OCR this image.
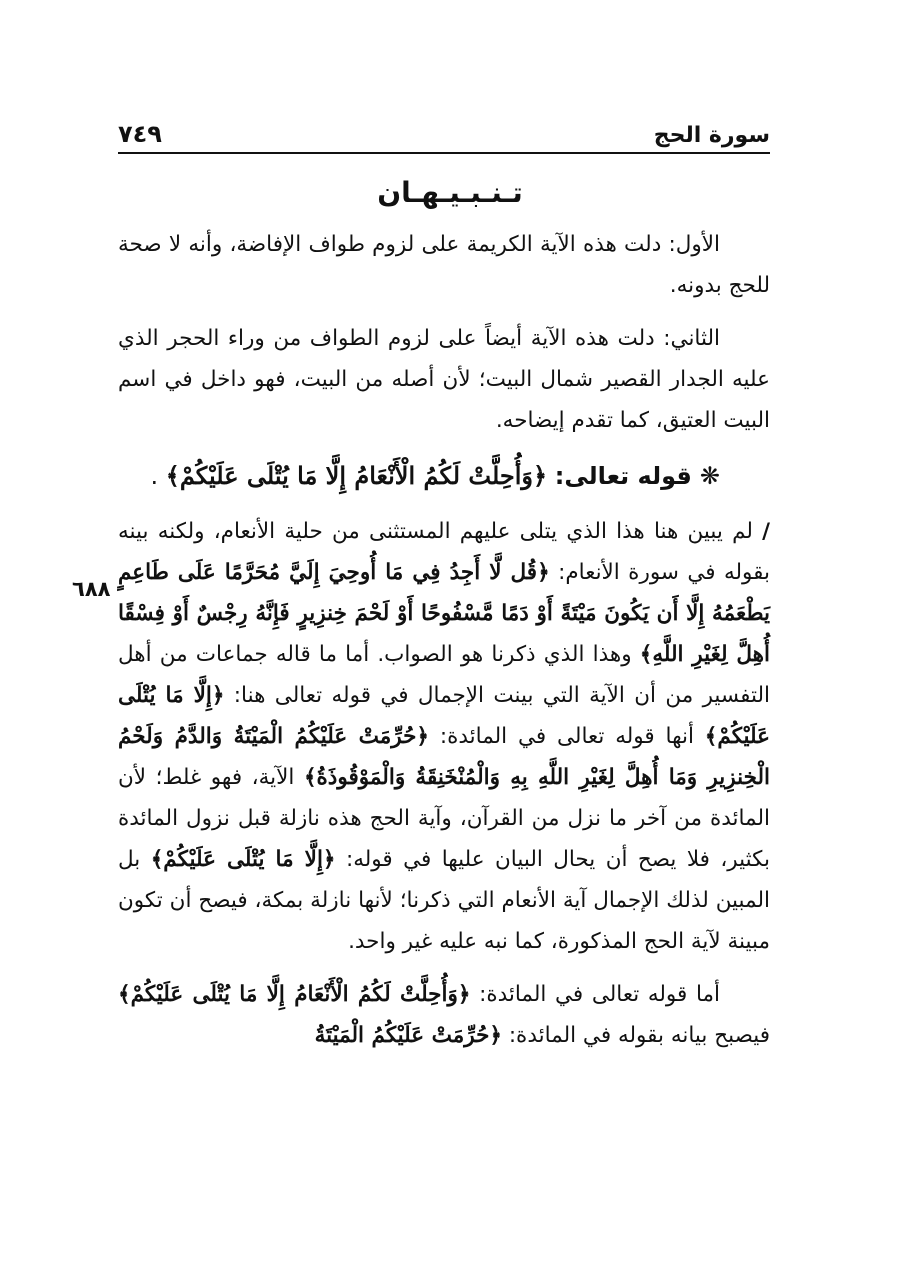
سورة الحج
٧٤٩
تـنـبـيـهـان
٦٨٨

الأول: دلت هذه الآية الكريمة على لزوم طواف الإفاضة، وأنه لا صحة للحج بدونه.

الثاني: دلت هذه الآية أيضاً على لزوم الطواف من وراء الحجر الذي عليه الجدار القصير شمال البيت؛ لأن أصله من البيت، فهو داخل في اسم البيت العتيق، كما تقدم إيضاحه.

❋قوله تعالى: ﴿وَأُحِلَّتْ لَكُمُ الْأَنْعَامُ إِلَّا مَا يُتْلَى عَلَيْكُمْ﴾ .

/ لم يبين هنا هذا الذي يتلى عليهم المستثنى من حلية الأنعام، ولكنه بينه بقوله في سورة الأنعام: ﴿قُل لَّا أَجِدُ فِي مَا أُوحِيَ إِلَيَّ مُحَرَّمًا عَلَى طَاعِمٍ يَطْعَمُهُ إِلَّا أَن يَكُونَ مَيْتَةً أَوْ دَمًا مَّسْفُوحًا أَوْ لَحْمَ خِنزِيرٍ فَإِنَّهُ رِجْسٌ أَوْ فِسْقًا أُهِلَّ لِغَيْرِ اللَّهِ﴾ وهذا الذي ذكرنا هو الصواب. أما ما قاله جماعات من أهل التفسير من أن الآية التي بينت الإجمال في قوله تعالى هنا: ﴿إِلَّا مَا يُتْلَى عَلَيْكُمْ﴾ أنها قوله تعالى في المائدة: ﴿حُرِّمَتْ عَلَيْكُمُ الْمَيْتَةُ وَالدَّمُ وَلَحْمُ الْخِنزِيرِ وَمَا أُهِلَّ لِغَيْرِ اللَّهِ بِهِ وَالْمُنْخَنِقَةُ وَالْمَوْقُوذَةُ﴾ الآية، فهو غلط؛ لأن المائدة من آخر ما نزل من القرآن، وآية الحج هذه نازلة قبل نزول المائدة بكثير، فلا يصح أن يحال البيان عليها في قوله: ﴿إِلَّا مَا يُتْلَى عَلَيْكُمْ﴾ بل المبين لذلك الإجمال آية الأنعام التي ذكرنا؛ لأنها نازلة بمكة، فيصح أن تكون مبينة لآية الحج المذكورة، كما نبه عليه غير واحد.

أما قوله تعالى في المائدة: ﴿وَأُحِلَّتْ لَكُمُ الْأَنْعَامُ إِلَّا مَا يُتْلَى عَلَيْكُمْ﴾ فيصبح بيانه بقوله في المائدة: ﴿حُرِّمَتْ عَلَيْكُمُ الْمَيْتَةُ
